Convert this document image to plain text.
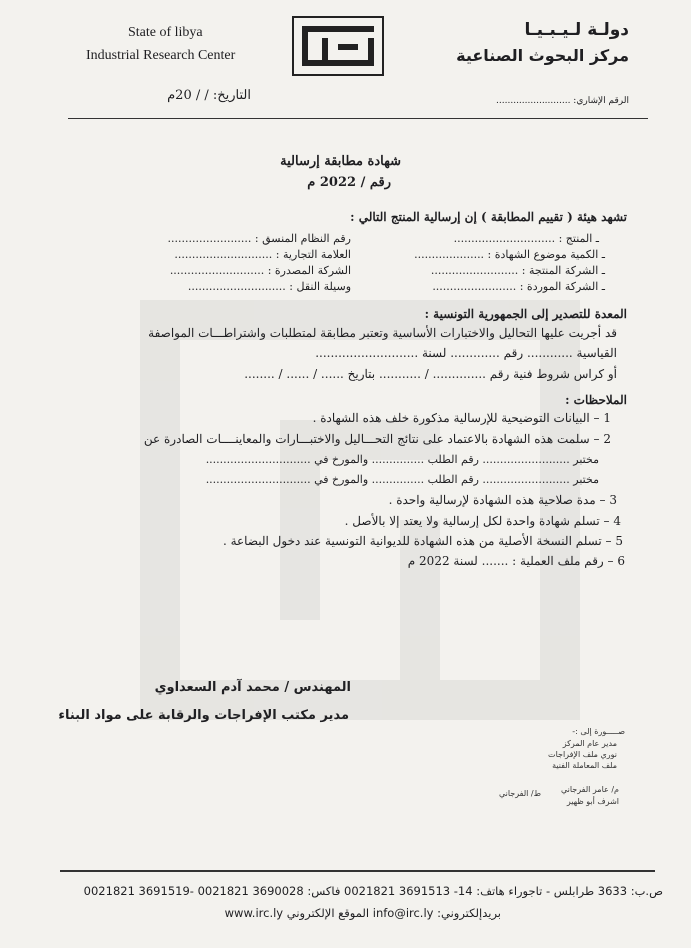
State of libya
Industrial Research Center
دولـة لـيـبـيـا
مركز البحوث الصناعية
التاريخ: / / 20م	الرقم الإشاري: ..........................
شهادة مطابقة إرسالية
رقم / 2022 م
تشهد هيئة ( تقييم المطابقة ) إن إرسالية المنتج التالي :
ـ المنتج : .............................
رقم النظام المنسق : ........................
ـ الكمية موضوع الشهادة : ....................
العلامة التجارية : ............................
ـ الشركة المنتجة : .........................
الشركة المصدرة : ...........................
ـ الشركة الموردة : ........................
وسيلة النقل : ............................
المعدة للتصدير إلى الجمهورية التونسية :
قد أجريت عليها التحاليل والاختبارات الأساسية وتعتبر مطابقة لمتطلبات واشتراطـــات المواصفة
القياسية ............ رقم ............. لسنة ...........................
أو كراس شروط فنية رقم .............. / ........... بتاريخ ...... / ...... / ........
الملاحظات :
1 – البيانات التوضيحية للإرسالية مذكورة خلف هذه الشهادة .
2 – سلمت هذه الشهادة بالاعتماد على نتائج التحـــاليل والاختبـــارات والمعاينــــات الصادرة عن
مختبر ......................... رقم الطلب ............... والمورخ في ..............................
مختبر ......................... رقم الطلب ............... والمورخ في ..............................
3 – مدة صلاحية هذه الشهادة لإرسالية واحدة .
4 – تسلم شهادة واحدة لكل إرسالية ولا يعتد إلا بالأصل .
5 – تسلم النسخة الأصلية من هذه الشهادة للديوانية التونسية عند دخول البضاعة .
6 – رقم ملف العملية : ....... لسنة 2022 م
المهندس / محمد آدم السعداوي
مدير مكتب الإفراجات والرقابة على مواد البناء
صـــــورة إلى :-
مدير عام المركز
نوري ملف الإفراجات
ملف المعاملة الفنية
م/ عامر الفرجاني
ط/ الفرجاني
اشرف أبو ظهير
ص.ب: 3633 طرابلس - تاجوراء هاتف: 14- 3691513 0021821 فاكس: 3690028 0021821 -3691519 0021821
بريدإلكتروني: info@irc.ly الموقع الإلكتروني www.irc.ly
